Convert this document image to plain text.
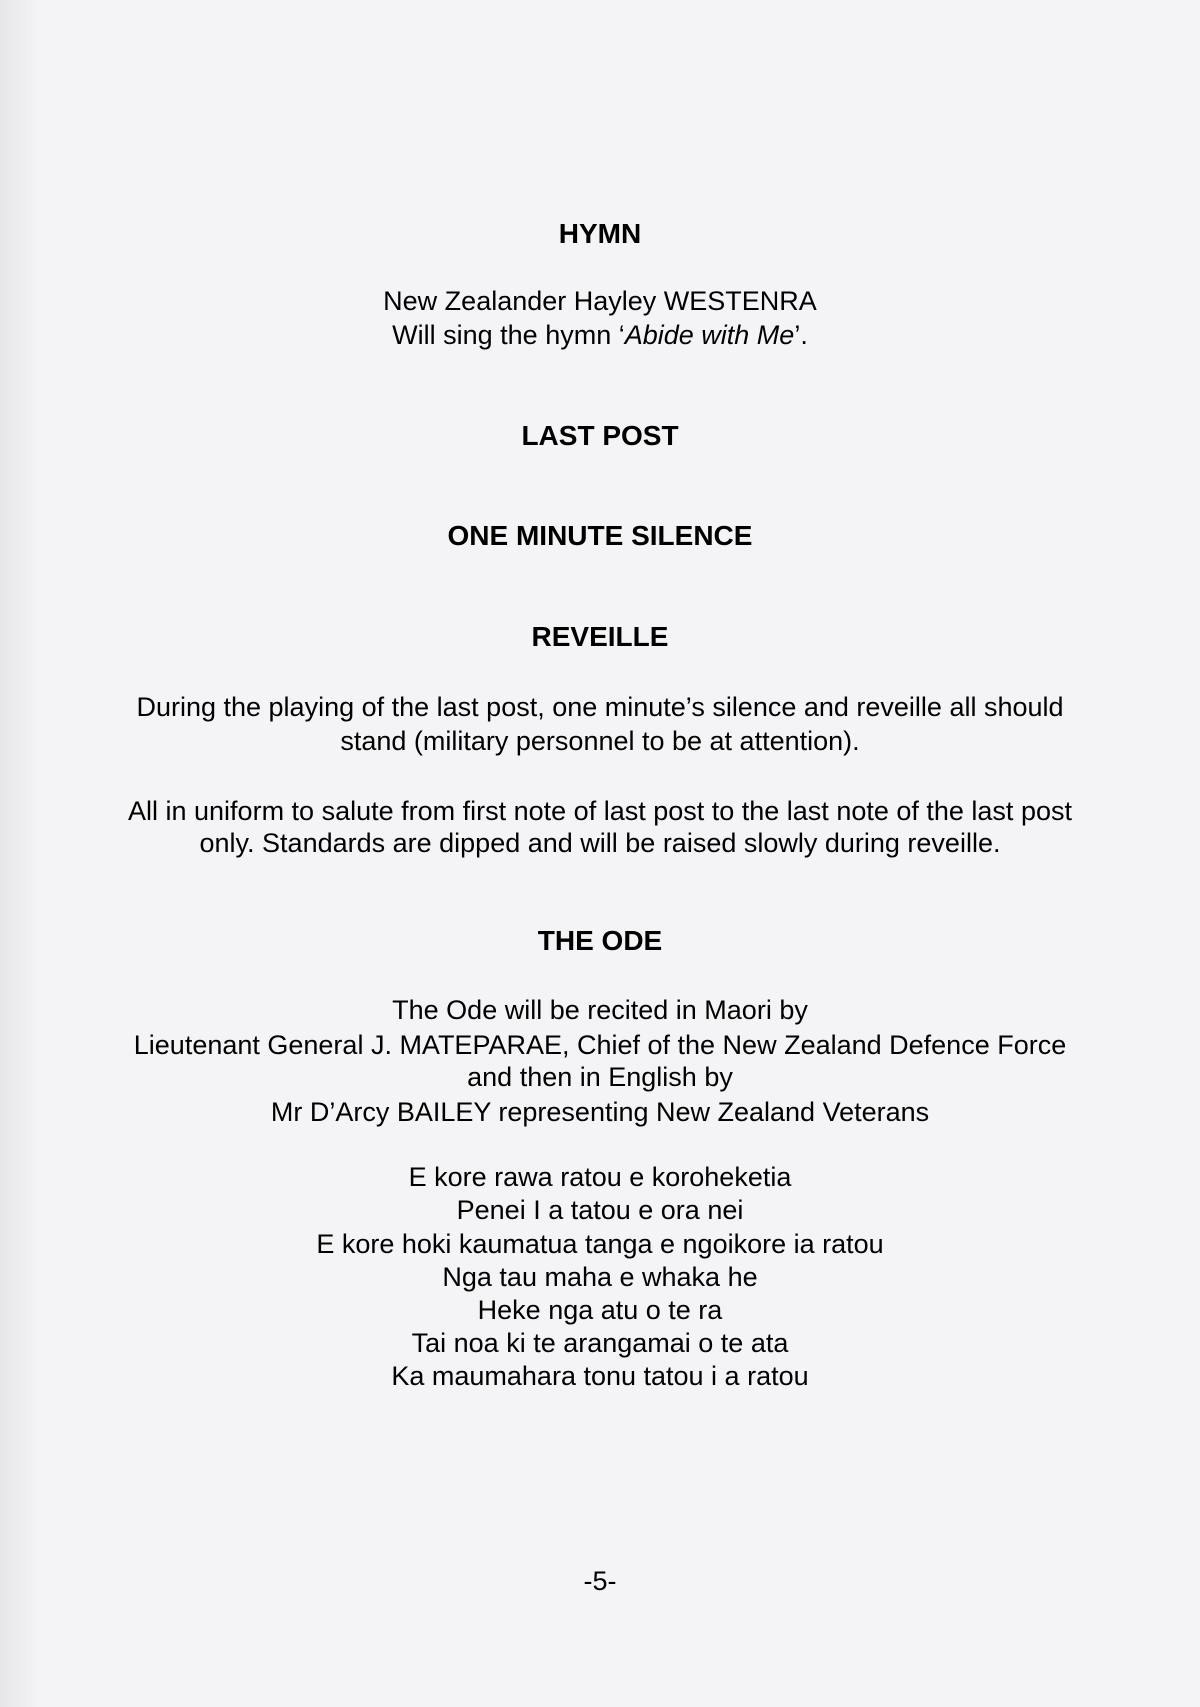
HYMN
New Zealander Hayley WESTENRA
Will sing the hymn ‘Abide with Me’.
LAST POST
ONE MINUTE SILENCE
REVEILLE
During the playing of the last post, one minute’s silence and reveille all should
stand (military personnel to be at attention).
All in uniform to salute from first note of last post to the last note of the last post
only. Standards are dipped and will be raised slowly during reveille.
THE ODE
The Ode will be recited in Maori by
Lieutenant General J. MATEPARAE, Chief of the New Zealand Defence Force
and then in English by
Mr D’Arcy BAILEY representing New Zealand Veterans
E kore rawa ratou e koroheketia
Penei I a tatou e ora nei
E kore hoki kaumatua tanga e ngoikore ia ratou
Nga tau maha e whaka he
Heke nga atu o te ra
Tai noa ki te arangamai o te ata
Ka maumahara tonu tatou i a ratou
-5-
